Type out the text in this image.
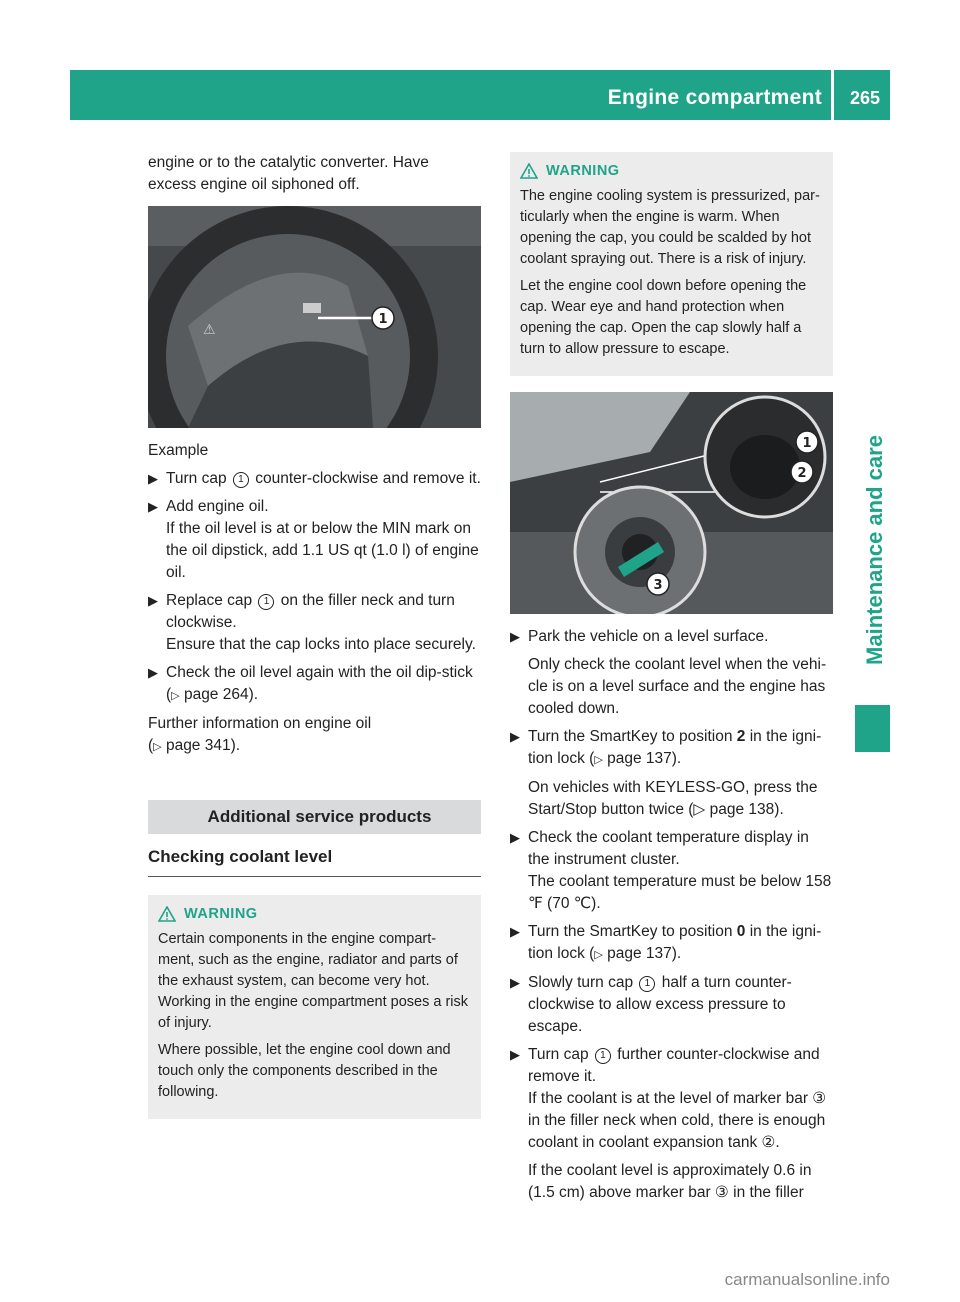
Engine compartment 265
Maintenance and care

engine or to the catalytic converter. Have excess engine oil siphoned off.

⚠
1

Example

▶ Turn cap 1 counter-clockwise and remove it.
▶ Add engine oil.
If the oil level is at or below the MIN mark on the oil dipstick, add 1.1 US qt (1.0 l) of engine oil.
▶ Replace cap 1 on the filler neck and turn clockwise.
Ensure that the cap locks into place securely.
▶ Check the oil level again with the oil dip-stick (▷ page 264).

Further information on engine oil
(▷ page 341).

Additional service products
Checking coolant level
WARNING

Certain components in the engine compart-ment, such as the engine, radiator and parts of the exhaust system, can become very hot. Working in the engine compartment poses a risk of injury.

Where possible, let the engine cool down and touch only the components described in the following.

WARNING

The engine cooling system is pressurized, par-ticularly when the engine is warm. When opening the cap, you could be scalded by hot coolant spraying out. There is a risk of injury.

Let the engine cool down before opening the cap. Wear eye and hand protection when opening the cap. Open the cap slowly half a turn to allow pressure to escape.

1
2
3
▶ Park the vehicle on a level surface.

Only check the coolant level when the vehi-cle is on a level surface and the engine has cooled down.

▶ Turn the SmartKey to position 2 in the igni-tion lock (▷ page 137).

On vehicles with KEYLESS-GO, press the Start/Stop button twice (▷ page 138).

▶ Check the coolant temperature display in the instrument cluster.
The coolant temperature must be below 158 ℉ (70 ℃).
▶ Turn the SmartKey to position 0 in the igni-tion lock (▷ page 137).
▶ Slowly turn cap 1 half a turn counter-clockwise to allow excess pressure to escape.
▶ Turn cap 1 further counter-clockwise and remove it.
If the coolant is at the level of marker bar ③ in the filler neck when cold, there is enough coolant in coolant expansion tank ②.

If the coolant level is approximately 0.6 in (1.5 cm) above marker bar ③ in the filler

carmanualsonline.info
